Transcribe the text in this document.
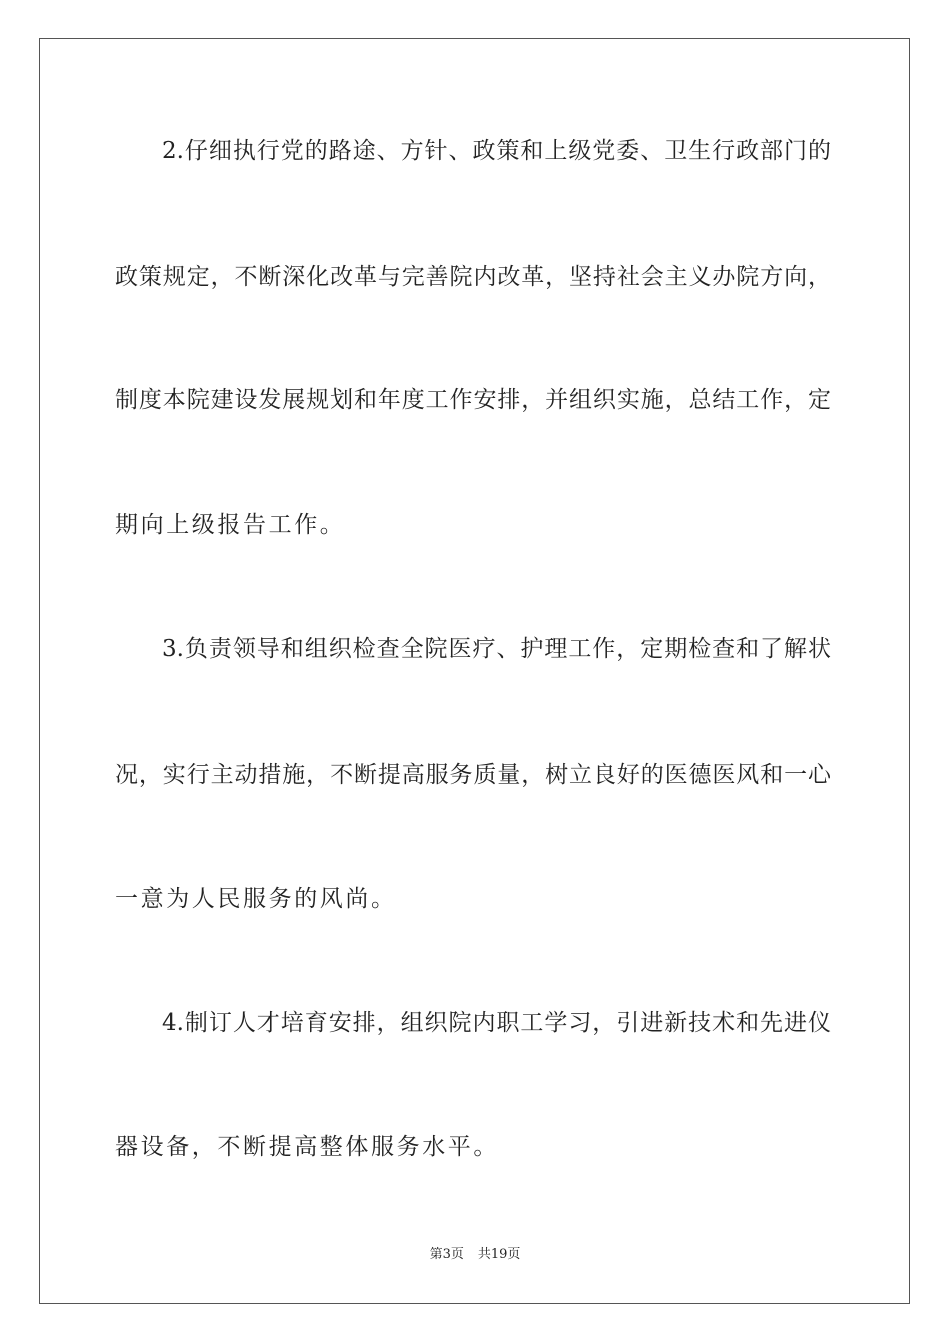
2.仔细执行党的路途、方针、政策和上级党委、卫生行政部门的
政策规定，不断深化改革与完善院内改革，坚持社会主义办院方向，
制度本院建设发展规划和年度工作安排，并组织实施，总结工作，定
期向上级报告工作。
3.负责领导和组织检查全院医疗、护理工作，定期检查和了解状
况，实行主动措施，不断提高服务质量，树立良好的医德医风和一心
一意为人民服务的风尚。
4.制订人才培育安排，组织院内职工学习，引进新技术和先进仪
器设备，不断提高整体服务水平。
第3页 共19页
